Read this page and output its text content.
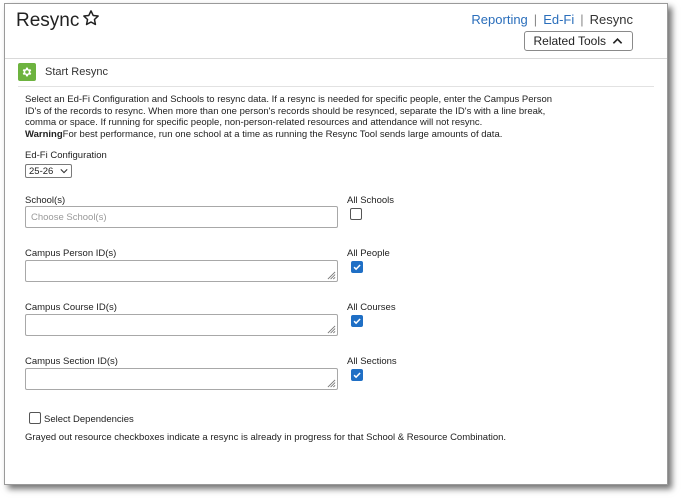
Resync	Reporting | Ed-Fi | Resync
Related Tools
Start Resync
Select an Ed-Fi Configuration and Schools to resync data. If a resync is needed for specific people, enter the Campus Person
ID's of the records to resync. When more than one person's records should be resynced, separate the ID's with a line break,
comma or space. If running for specific people, non-person-related resources and attendance will not resync.
WarningFor best performance, run one school at a time as running the Resync Tool sends large amounts of data.
Ed-Fi Configuration
25-26
School(s)
Choose School(s)
All Schools
Campus Person ID(s)	All People
Campus Course ID(s)	All Courses
Campus Section ID(s)	All Sections
Select Dependencies
Grayed out resource checkboxes indicate a resync is already in progress for that School & Resource Combination.
